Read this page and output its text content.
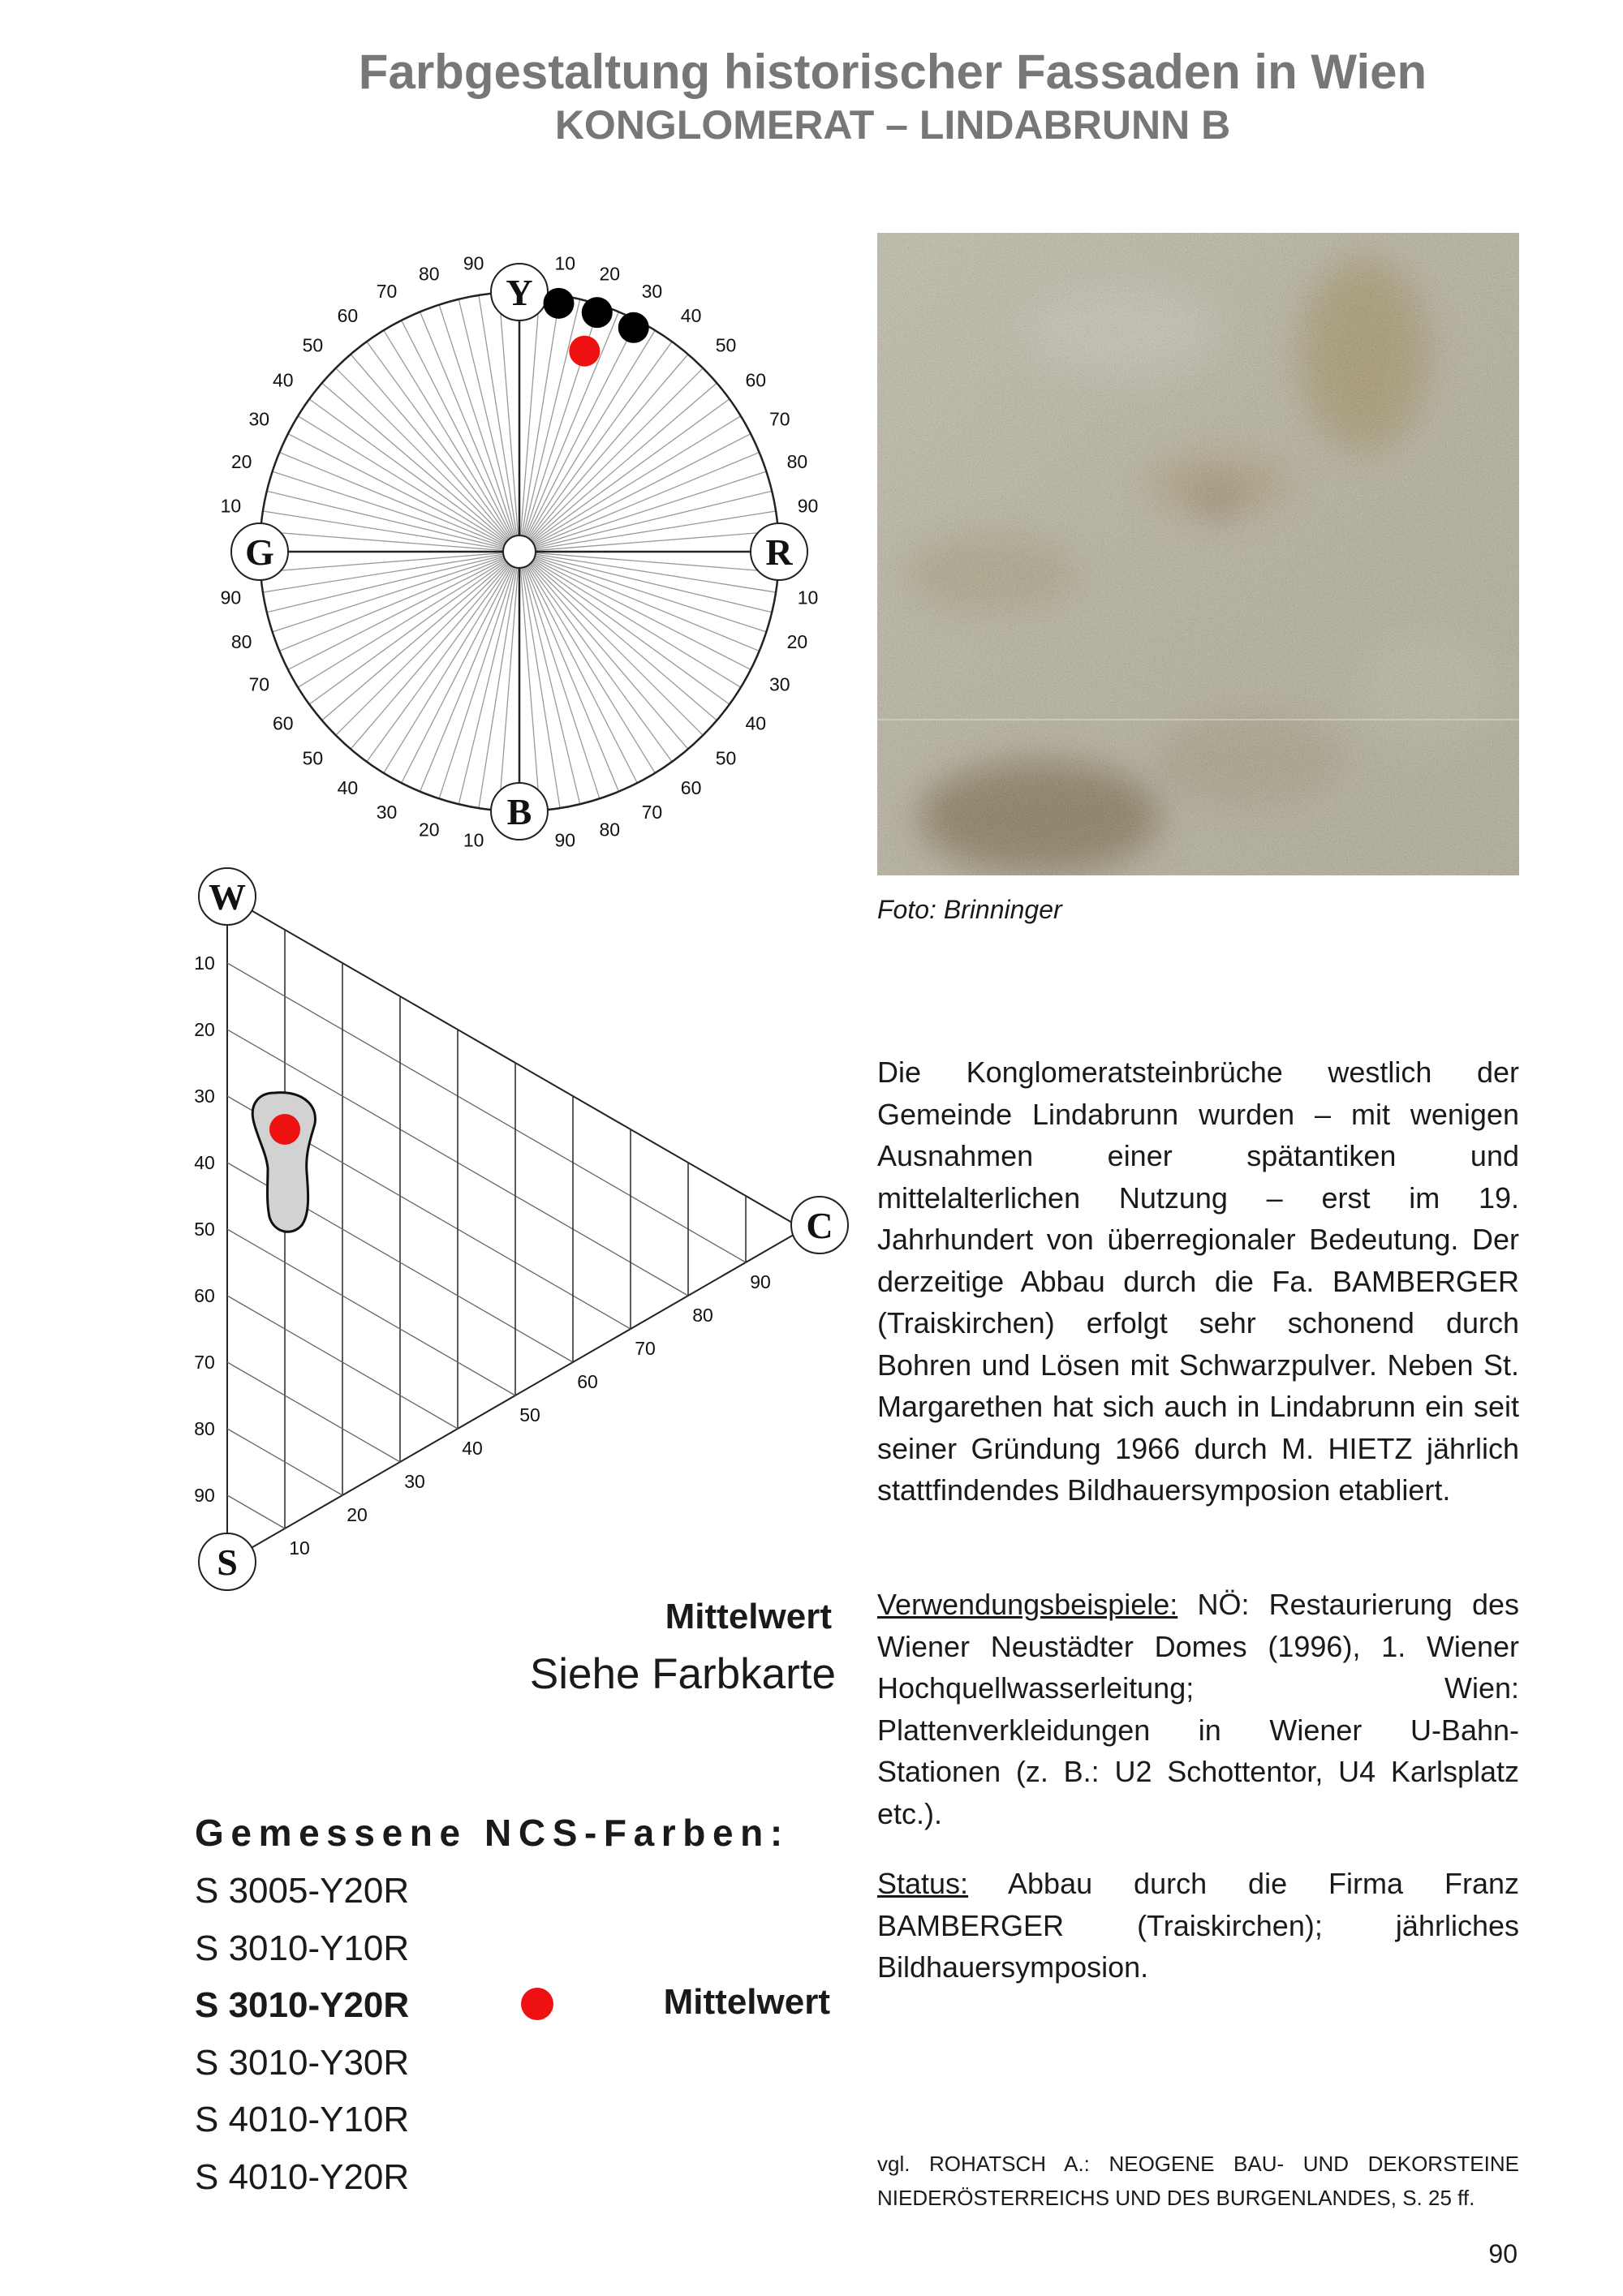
Farbgestaltung historischer Fassaden in Wien
KONGLOMERAT – LINDABRUNN B
10
20
30
40
50
60
70
80
90
10
20
30
40
50
60
70
80
90
10
20
30
40
50
60
70
80
90
10
20
30
40
50
60
70
80
90
Y
R
B
G
10
20
30
40
50
60
70
80
90
10
20
30
40
50
60
70
80
90
W
C
S
Foto: Brinninger
Die Konglomeratsteinbrüche westlich der Gemeinde Lindabrunn wurden – mit wenigen Ausnahmen einer spätantiken und mittelalterlichen Nutzung – erst im 19. Jahrhundert von überregionaler Bedeutung. Der derzeitige Abbau durch die Fa. BAMBERGER (Traiskirchen) erfolgt sehr schonend durch Bohren und Lösen mit Schwarzpulver. Neben St. Margarethen hat sich auch in Lindabrunn ein seit seiner Gründung 1966 durch M. HIETZ jährlich stattfindendes Bildhauersymposion etabliert.
Verwendungsbeispiele: NÖ: Restaurierung des Wiener Neustädter Domes (1996), 1. Wiener Hochquellwasserleitung; Wien: Plattenverkleidungen in Wiener U-Bahn-Stationen (z. B.: U2 Schottentor, U4 Karlsplatz etc.).
Status: Abbau durch die Firma Franz BAMBERGER (Traiskirchen); jährliches Bildhauersymposion.
Mittelwert
Siehe Farbkarte
Gemessene NCS-Farben:
S 3005-Y20R
S 3010-Y10R
S 3010-Y20R
S 3010-Y30R
S 4010-Y10R
S 4010-Y20R
Mittelwert
vgl. ROHATSCH A.: NEOGENE BAU- UND DEKORSTEINE
NIEDERÖSTERREICHS UND DES BURGENLANDES, S. 25 ff.
90
